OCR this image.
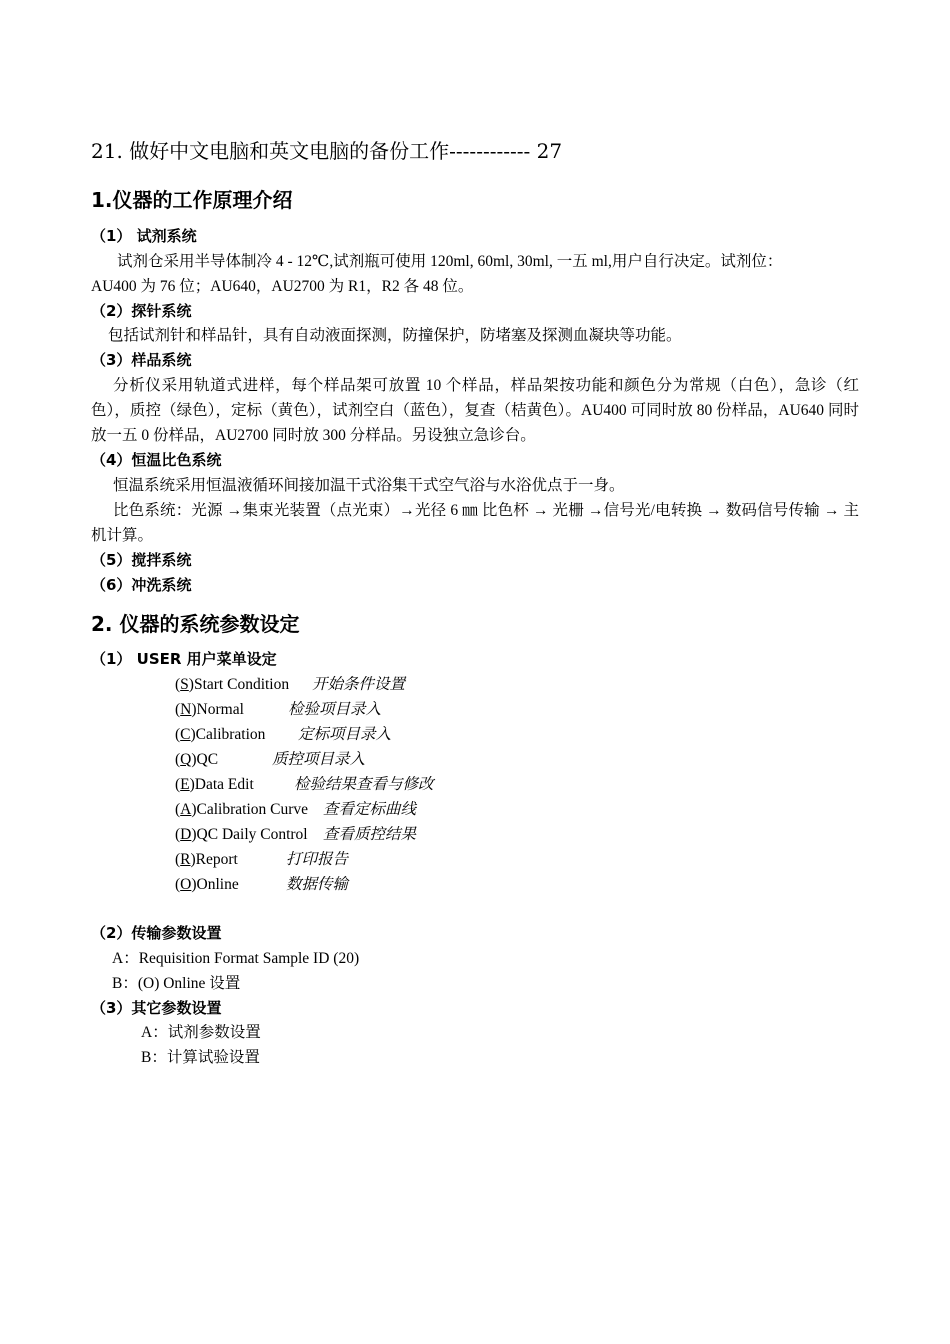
21. 做好中文电脑和英文电脑的备份工作------------ 27
1.仪器的工作原理介绍
（1） 试剂系统
试剂仓采用半导体制冷 4 - 12℃,试剂瓶可使用 120ml, 60ml, 30ml, 一五 ml,用户自行决定。试剂位：
AU400 为 76 位；AU640，AU2700 为 R1，R2 各 48 位。
（2）探针系统
包括试剂针和样品针，具有自动液面探测，防撞保护，防堵塞及探测血凝块等功能。
（3）样品系统
分析仪采用轨道式进样，每个样品架可放置 10 个样品，样品架按功能和颜色分为常规（白色），急诊（红色），质控（绿色），定标（黄色），试剂空白（蓝色），复查（桔黄色）。AU400 可同时放 80 份样品，AU640 同时放一五 0 份样品，AU2700 同时放 300 分样品。另设独立急诊台。
（4）恒温比色系统
恒温系统采用恒温液循环间接加温干式浴集干式空气浴与水浴优点于一身。
比色系统：光源 →集束光装置（点光束）→光径 6 ㎜ 比色杯 → 光栅 →信号光/电转换 → 数码信号传输 → 主机计算。
（5）搅拌系统
（6）冲洗系统
2. 仪器的系统参数设定
（1） USER 用户菜单设定
(S)Start Condition 开始条件设置
(N)Normal	检验项目录入
(C)Calibration 定标项目录入
(Q)QC	质控项目录入
(E)Data Edit	检验结果查看与修改
(A)Calibration Curve 查看定标曲线
(D)QC Daily Control 查看质控结果
(R)Report	打印报告
(O)Online	数据传输
（2）传输参数设置
A：Requisition Format Sample ID (20)
B：(O) Online 设置
（3）其它参数设置
A：试剂参数设置
B：计算试验设置
